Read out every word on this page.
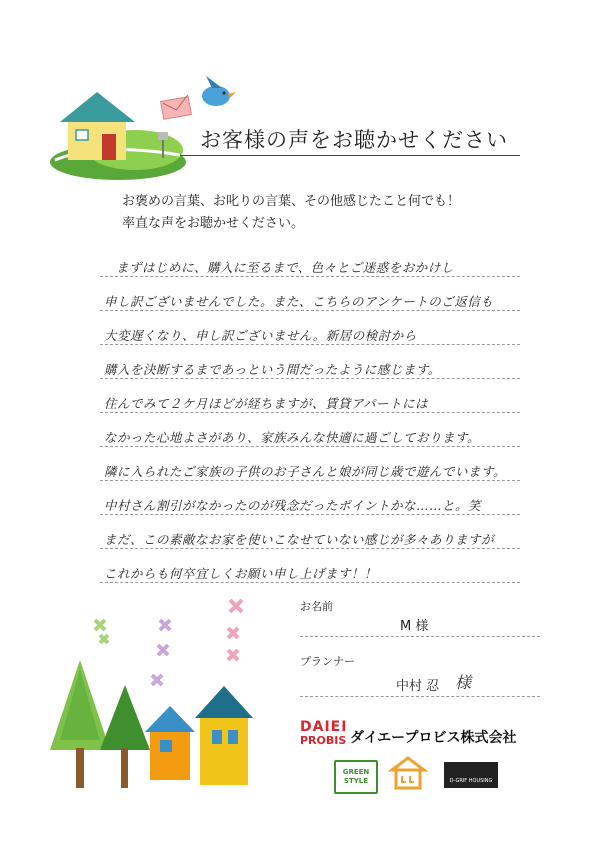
お客様の声をお聴かせください
お褒めの言葉、お叱りの言葉、その他感じたこと何でも！
率直な声をお聴かせください。
まずはじめに、購入に至るまで、色々とご迷惑をおかけし
申し訳ございませんでした。また、こちらのアンケートのご返信も
大変遅くなり、申し訳ございません。新居の検討から
購入を決断するまであっという間だったように感じます。
住んでみて２ケ月ほどが経ちますが、賃貸アパートには
なかった心地よさがあり、家族みんな快適に過ごしております。
隣に入られたご家族の子供のお子さんと娘が同じ歳で遊んでいます。
中村さん割引がなかったのが残念だったポイントかな……と。笑
まだ、この素敵なお家を使いこなせていない感じが多々ありますが
これからも何卒宜しくお願い申し上げます！！
お名前
M 様
プランナー
中村 忍 様
DAIEI
PROBIS ダイエープロビス株式会社
GREEN STYLE	D-GRIF HOUSING
